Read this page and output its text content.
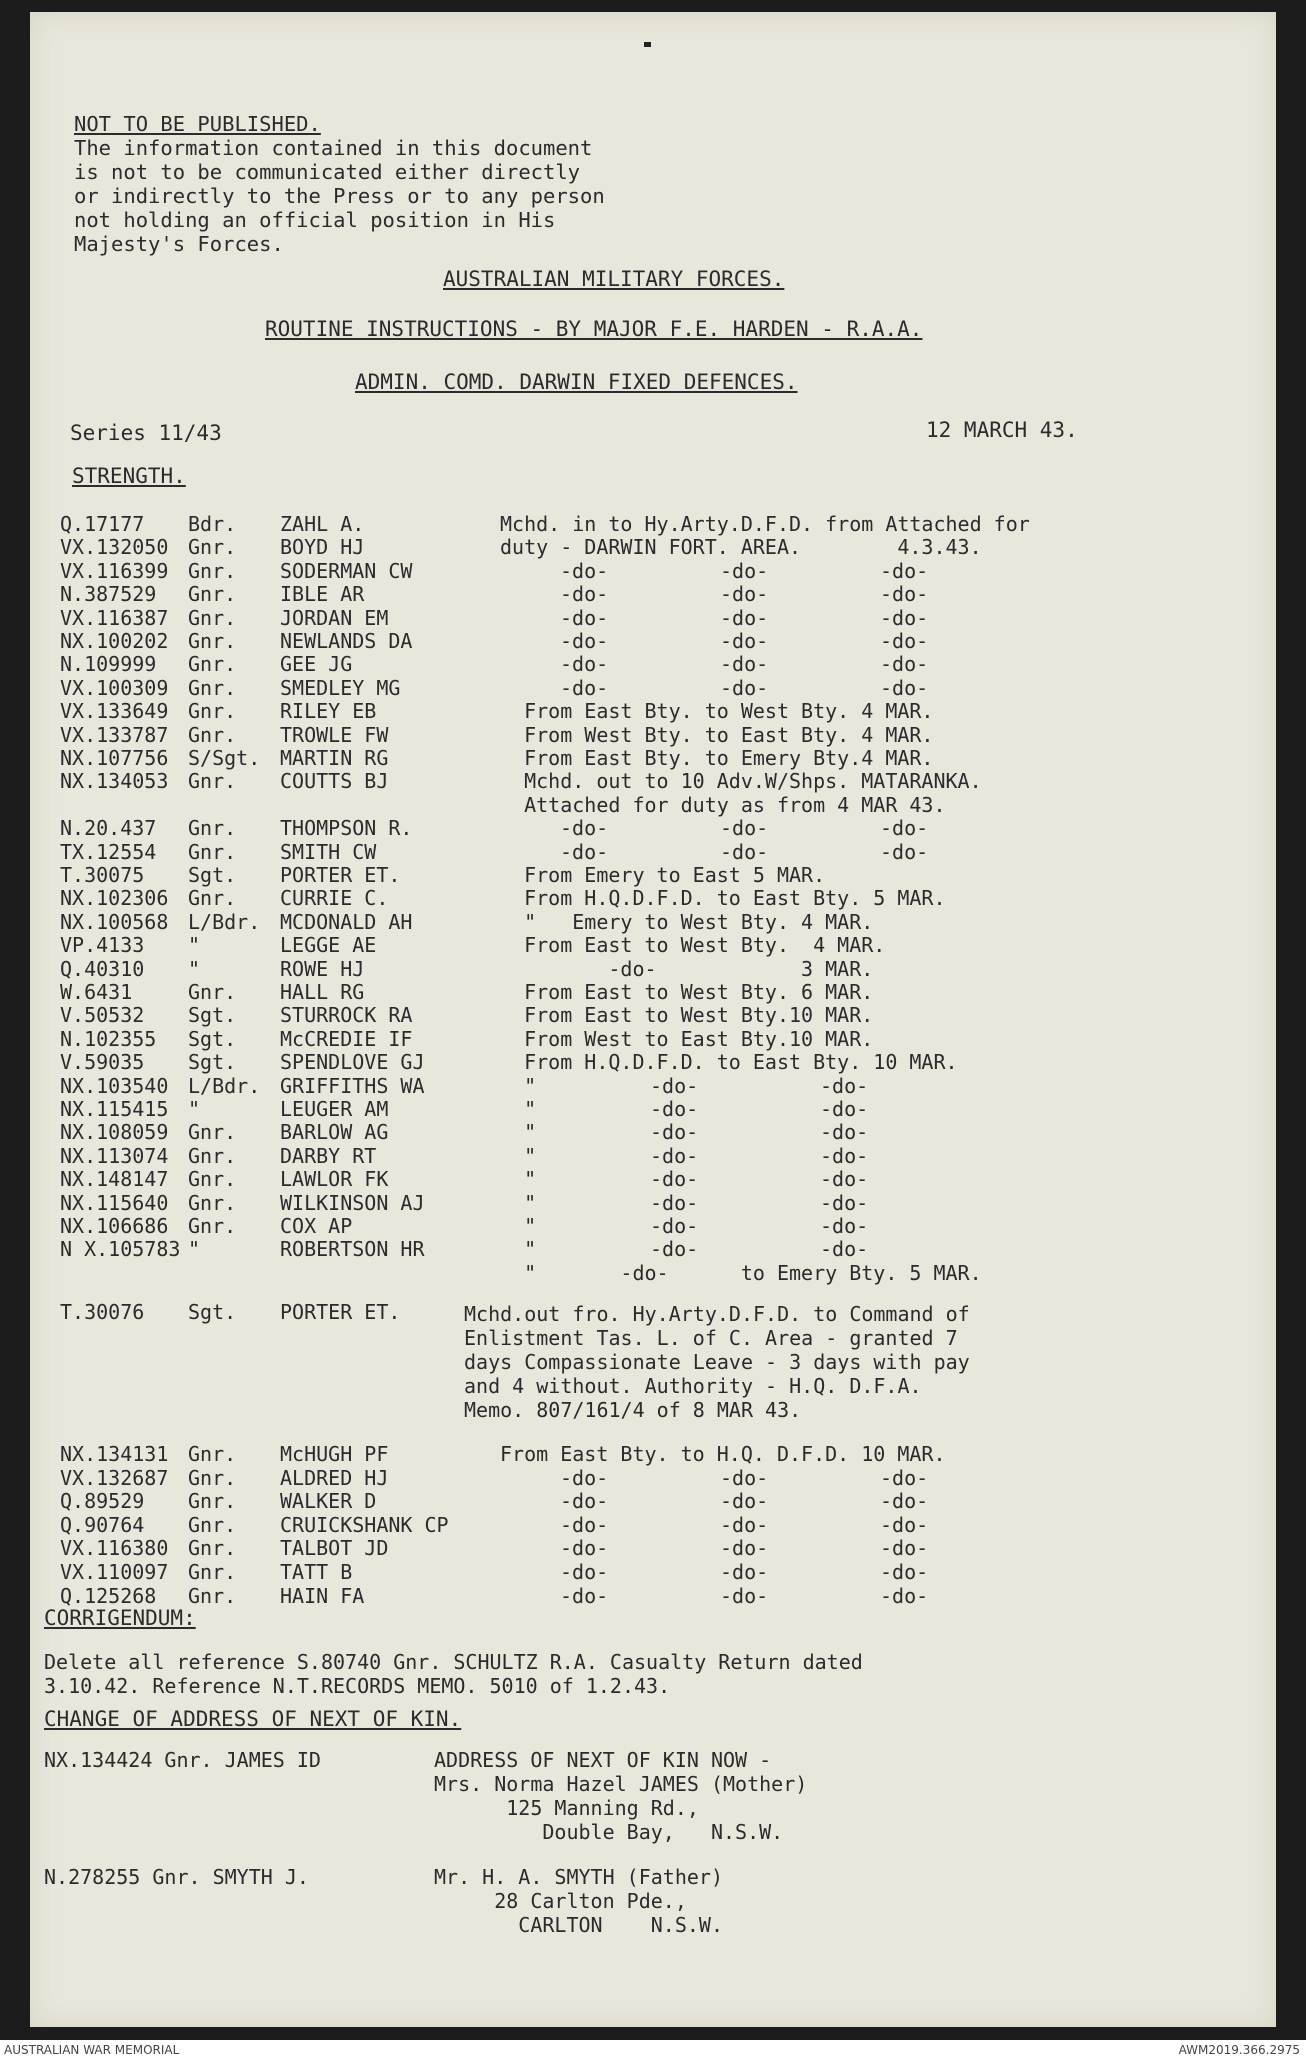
NOT TO BE PUBLISHED.
The information contained in this document
is not to be communicated either directly
or indirectly to the Press or to any person
not holding an official position in His
Majesty's Forces.
AUSTRALIAN MILITARY FORCES.
ROUTINE INSTRUCTIONS - BY MAJOR F.E. HARDEN - R.A.A.
ADMIN. COMD. DARWIN FIXED DEFENCES.
Series 11/43	12 MARCH 43.
STRENGTH.
Q.17177 Bdr. ZAHL A.	Mchd. in to Hy.Arty.D.F.D. from Attached for
VX.132050 Gnr. BOYD HJ	duty - DARWIN FORT. AREA.        4.3.43.
VX.116399 Gnr. SODERMAN CW	-do-	-do-	-do-
N.387529 Gnr. IBLE AR	-do-	-do-	-do-
VX.116387 Gnr. JORDAN EM	-do-	-do-	-do-
NX.100202 Gnr. NEWLANDS DA	-do-	-do-	-do-
N.109999 Gnr. GEE JG	-do-	-do-	-do-
VX.100309 Gnr. SMEDLEY MG	-do-	-do-	-do-
VX.133649 Gnr. RILEY EB	From East Bty. to West Bty. 4 MAR.
VX.133787 Gnr. TROWLE FW	From West Bty. to East Bty. 4 MAR.
NX.107756 S/Sgt. MARTIN RG	From East Bty. to Emery Bty.4 MAR.
NX.134053 Gnr. COUTTS BJ	Mchd. out to 10 Adv.W/Shps. MATARANKA.
Attached for duty as from 4 MAR 43.
N.20.437 Gnr. THOMPSON R.	-do-	-do-	-do-
TX.12554 Gnr. SMITH CW	-do-	-do-	-do-
T.30075 Sgt. PORTER ET.	From Emery to East 5 MAR.
NX.102306 Gnr. CURRIE C.	From H.Q.D.F.D. to East Bty. 5 MAR.
NX.100568 L/Bdr. MCDONALD AH	"   Emery to West Bty. 4 MAR.
VP.4133 "	LEGGE AE	From East to West Bty.  4 MAR.
Q.40310 "	ROWE HJ	-do-            3 MAR.
W.6431	Gnr. HALL RG	From East to West Bty. 6 MAR.
V.50532 Sgt. STURROCK RA	From East to West Bty.10 MAR.
N.102355 Sgt. McCREDIE IF	From West to East Bty.10 MAR.
V.59035 Sgt. SPENDLOVE GJ	From H.Q.D.F.D. to East Bty. 10 MAR.
NX.103540 L/Bdr. GRIFFITHS WA	"	-do-	-do-
NX.115415 "	LEUGER AM	"	-do-	-do-
NX.108059 Gnr. BARLOW AG	"	-do-	-do-
NX.113074 Gnr. DARBY RT	"	-do-	-do-
NX.148147 Gnr. LAWLOR FK	"	-do-	-do-
NX.115640 Gnr. WILKINSON AJ	"	-do-	-do-
NX.106686 Gnr. COX AP	"	-do-	-do-
N X.105783 "	ROBERTSON HR	"	-do-	-do-
"       -do-      to Emery Bty. 5 MAR.
T.30076 Sgt. PORTER ET.	Mchd.out fro. Hy.Arty.D.F.D. to Command of
Enlistment Tas. L. of C. Area - granted 7
days Compassionate Leave - 3 days with pay
and 4 without. Authority - H.Q. D.F.A.
Memo. 807/161/4 of 8 MAR 43.
NX.134131 Gnr. McHUGH PF	From East Bty. to H.Q. D.F.D. 10 MAR.
VX.132687 Gnr. ALDRED HJ	-do-	-do-	-do-
Q.89529 Gnr. WALKER D	-do-	-do-	-do-
Q.90764 Gnr. CRUICKSHANK CP	-do-	-do-	-do-
VX.116380 Gnr. TALBOT JD	-do-	-do-	-do-
VX.110097 Gnr. TATT B	-do-	-do-	-do-
Q.125268 Gnr. HAIN FA	-do-	-do-	-do-
CORRIGENDUM:
Delete all reference S.80740 Gnr. SCHULTZ R.A. Casualty Return dated
3.10.42. Reference N.T.RECORDS MEMO. 5010 of 1.2.43.
CHANGE OF ADDRESS OF NEXT OF KIN.
NX.134424 Gnr. JAMES ID	ADDRESS OF NEXT OF KIN NOW -
Mrs. Norma Hazel JAMES (Mother)
125 Manning Rd.,
Double Bay,   N.S.W.
N.278255 Gnr. SMYTH J.	Mr. H. A. SMYTH (Father)
28 Carlton Pde.,
CARLTON    N.S.W.
AUSTRALIAN WAR MEMORIAL	AWM2019.366.2975
